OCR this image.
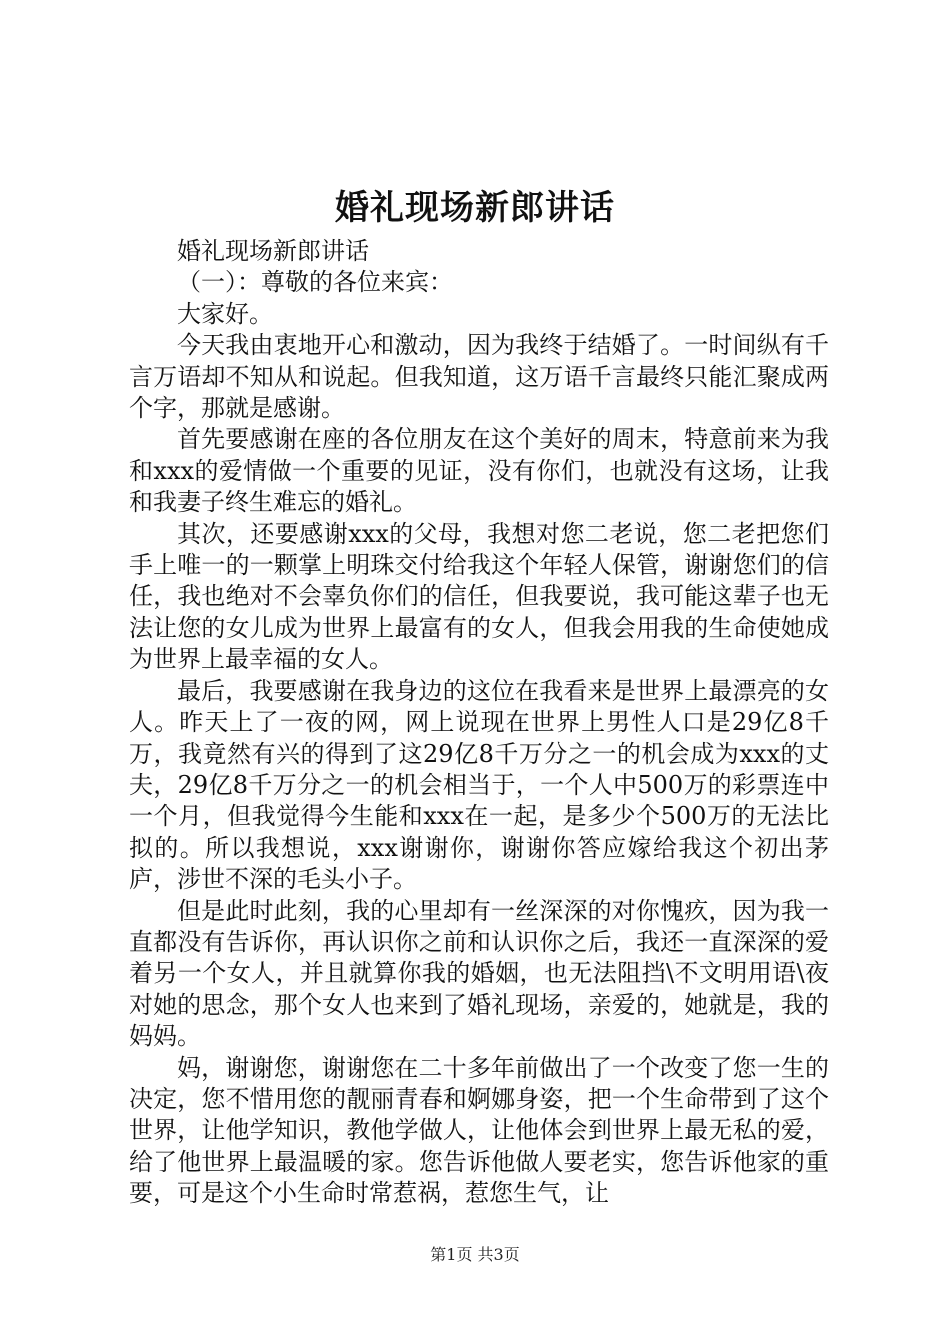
婚礼现场新郎讲话

婚礼现场新郎讲话

（一）：尊敬的各位来宾：

大家好。

今天我由衷地开心和激动，因为我终于结婚了。一时间纵有千言万语却不知从和说起。但我知道，这万语千言最终只能汇聚成两个字，那就是感谢。

首先要感谢在座的各位朋友在这个美好的周末，特意前来为我和xxx的爱情做一个重要的见证，没有你们，也就没有这场，让我和我妻子终生难忘的婚礼。

其次，还要感谢xxx的父母，我想对您二老说，您二老把您们手上唯一的一颗掌上明珠交付给我这个年轻人保管，谢谢您们的信任，我也绝对不会辜负你们的信任，但我要说，我可能这辈子也无法让您的女儿成为世界上最富有的女人，但我会用我的生命使她成为世界上最幸福的女人。

最后，我要感谢在我身边的这位在我看来是世界上最漂亮的女人。昨天上了一夜的网，网上说现在世界上男性人口是29亿8千万，我竟然有兴的得到了这29亿8千万分之一的机会成为xxx的丈夫，29亿8千万分之一的机会相当于，一个人中500万的彩票连中一个月，但我觉得今生能和xxx在一起，是多少个500万的无法比拟的。所以我想说，xxx谢谢你，谢谢你答应嫁给我这个初出茅庐，涉世不深的毛头小子。

但是此时此刻，我的心里却有一丝深深的对你愧疚，因为我一直都没有告诉你，再认识你之前和认识你之后，我还一直深深的爱着另一个女人，并且就算你我的婚姻，也无法阻挡\不文明用语\夜对她的思念，那个女人也来到了婚礼现场，亲爱的，她就是，我的妈妈。

妈，谢谢您，谢谢您在二十多年前做出了一个改变了您一生的决定，您不惜用您的靓丽青春和婀娜身姿，把一个生命带到了这个世界，让他学知识，教他学做人，让他体会到世界上最无私的爱，给了他世界上最温暖的家。您告诉他做人要老实，您告诉他家的重要，可是这个小生命时常惹祸，惹您生气，让

第1页 共3页
